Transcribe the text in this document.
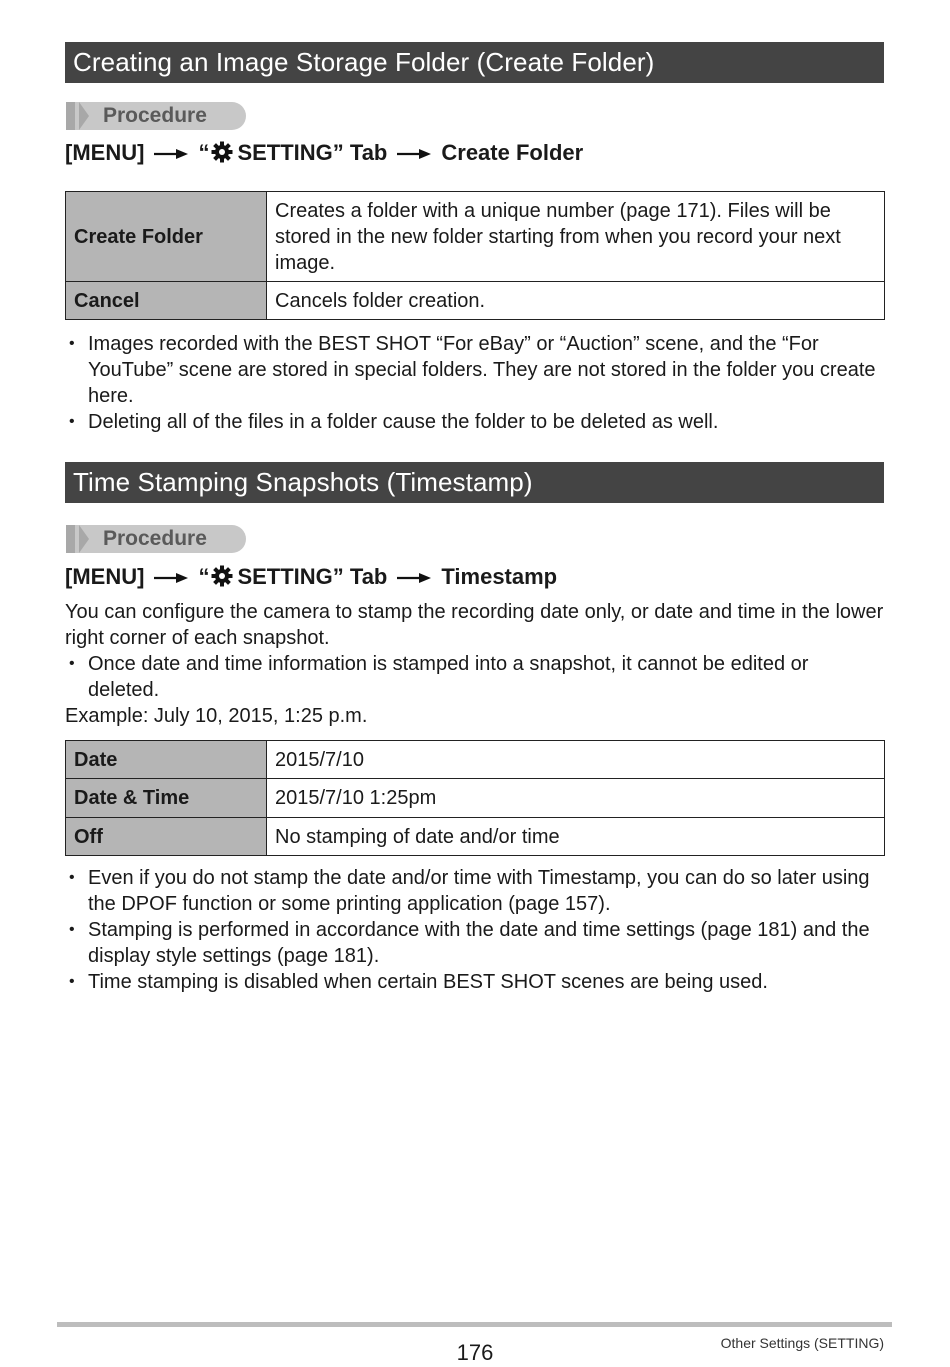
Creating an Image Storage Folder (Create Folder)
Procedure
[MENU] “ SETTING” Tab Create Folder
Create Folder	Creates a folder with a unique number (page 171). Files will be stored in the new folder starting from when you record your next image.
Cancel	Cancels folder creation.
• Images recorded with the BEST SHOT “For eBay” or “Auction” scene, and the “For YouTube” scene are stored in special folders. They are not stored in the folder you create here.
• Deleting all of the files in a folder cause the folder to be deleted as well.
Time Stamping Snapshots (Timestamp)
Procedure
[MENU] “ SETTING” Tab Timestamp
You can configure the camera to stamp the recording date only, or date and time in the lower right corner of each snapshot.
• Once date and time information is stamped into a snapshot, it cannot be edited or deleted.
Example: July 10, 2015, 1:25 p.m.
Date	2015/7/10
Date & Time	2015/7/10 1:25pm
Off	No stamping of date and/or time
• Even if you do not stamp the date and/or time with Timestamp, you can do so later using the DPOF function or some printing application (page 157).
• Stamping is performed in accordance with the date and time settings (page 181) and the display style settings (page 181).
• Time stamping is disabled when certain BEST SHOT scenes are being used.
176	Other Settings (SETTING)
